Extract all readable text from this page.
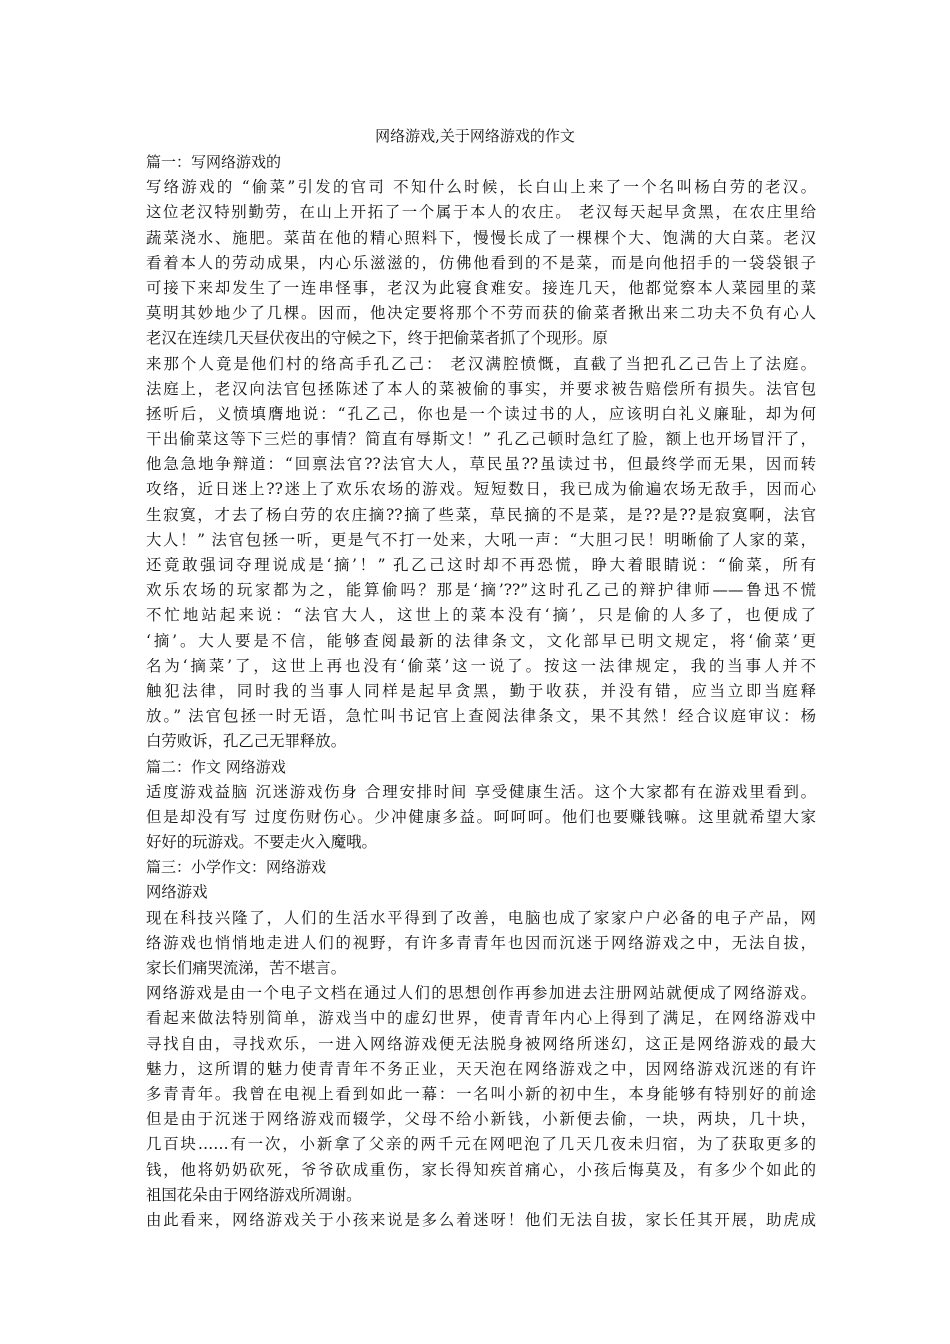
网络游戏,关于网络游戏的作文
篇一：写网络游戏的
写络游戏的 “偷菜”引发的官司 不知什么时候，长白山上来了一个名叫杨白劳的老汉。
这位老汉特别勤劳，在山上开拓了一个属于本人的农庄。 老汉每天起早贪黑，在农庄里给
蔬菜浇水、施肥。菜苗在他的精心照料下，慢慢长成了一棵棵个大、饱满的大白菜。老汉
看着本人的劳动成果，内心乐滋滋的，仿佛他看到的不是菜，而是向他招手的一袋袋银子
可接下来却发生了一连串怪事，老汉为此寝食难安。接连几天，他都觉察本人菜园里的菜
莫明其妙地少了几棵。因而，他决定要将那个不劳而获的偷菜者揪出来二功夫不负有心人
老汉在连续几天昼伏夜出的守候之下，终于把偷菜者抓了个现形。原
来那个人竟是他们村的络高手孔乙己： 老汉满腔愤慨，直截了当把孔乙己告上了法庭。
法庭上，老汉向法官包拯陈述了本人的菜被偷的事实，并要求被告赔偿所有损失。法官包
拯听后，义愤填膺地说：“孔乙己，你也是一个读过书的人，应该明白礼义廉耻，却为何
干出偷菜这等下三烂的事情？简直有辱斯文！” 孔乙己顿时急红了脸，额上也开场冒汗了，
他急急地争辩道：“回禀法官??法官大人，草民虽??虽读过书，但最终学而无果，因而转
攻络，近日迷上??迷上了欢乐农场的游戏。短短数日，我已成为偷遍农场无敌手，因而心
生寂寞，才去了杨白劳的农庄摘??摘了些菜，草民摘的不是菜，是??是??是寂寞啊，法官
大人！” 法官包拯一听，更是气不打一处来，大吼一声：“大胆刁民！明晰偷了人家的菜，
还竟敢强词夺理说成是‘摘’！” 孔乙己这时却不再恐慌，睁大着眼睛说：“偷菜，所有
欢乐农场的玩家都为之，能算偷吗？那是‘摘’??”这时孔乙己的辩护律师——鲁迅不慌
不忙地站起来说：“法官大人，这世上的菜本没有‘摘’，只是偷的人多了，也便成了
‘摘’。大人要是不信，能够查阅最新的法律条文，文化部早已明文规定，将‘偷菜’更
名为‘摘菜’了，这世上再也没有‘偷菜’这一说了。按这一法律规定，我的当事人并不
触犯法律，同时我的当事人同样是起早贪黑，勤于收获，并没有错，应当立即当庭释
放。” 法官包拯一时无语，急忙叫书记官上查阅法律条文，果不其然！经合议庭审议：杨
白劳败诉，孔乙己无罪释放。
篇二：作文 网络游戏
适度游戏益脑 沉迷游戏伤身 合理安排时间 享受健康生活。这个大家都有在游戏里看到。
但是却没有写 过度伤财伤心。少冲健康多益。呵呵呵。他们也要赚钱嘛。这里就希望大家
好好的玩游戏。不要走火入魔哦。
篇三：小学作文：网络游戏
网络游戏
现在科技兴隆了，人们的生活水平得到了改善，电脑也成了家家户户必备的电子产品，网
络游戏也悄悄地走进人们的视野，有许多青青年也因而沉迷于网络游戏之中，无法自拔，
家长们痛哭流涕，苦不堪言。
网络游戏是由一个电子文档在通过人们的思想创作再参加进去注册网站就便成了网络游戏。
看起来做法特别简单，游戏当中的虚幻世界，使青青年内心上得到了满足，在网络游戏中
寻找自由，寻找欢乐，一进入网络游戏便无法脱身被网络所迷幻，这正是网络游戏的最大
魅力，这所谓的魅力使青青年不务正业，天天泡在网络游戏之中，因网络游戏沉迷的有许
多青青年。我曾在电视上看到如此一幕：一名叫小新的初中生，本身能够有特别好的前途
但是由于沉迷于网络游戏而辍学，父母不给小新钱，小新便去偷，一块，两块，几十块，
几百块……有一次，小新拿了父亲的两千元在网吧泡了几天几夜未归宿，为了获取更多的
钱，他将奶奶砍死，爷爷砍成重伤，家长得知疾首痛心，小孩后悔莫及，有多少个如此的
祖国花朵由于网络游戏所凋谢。
由此看来，网络游戏关于小孩来说是多么着迷呀！他们无法自拔，家长任其开展，助虎成
